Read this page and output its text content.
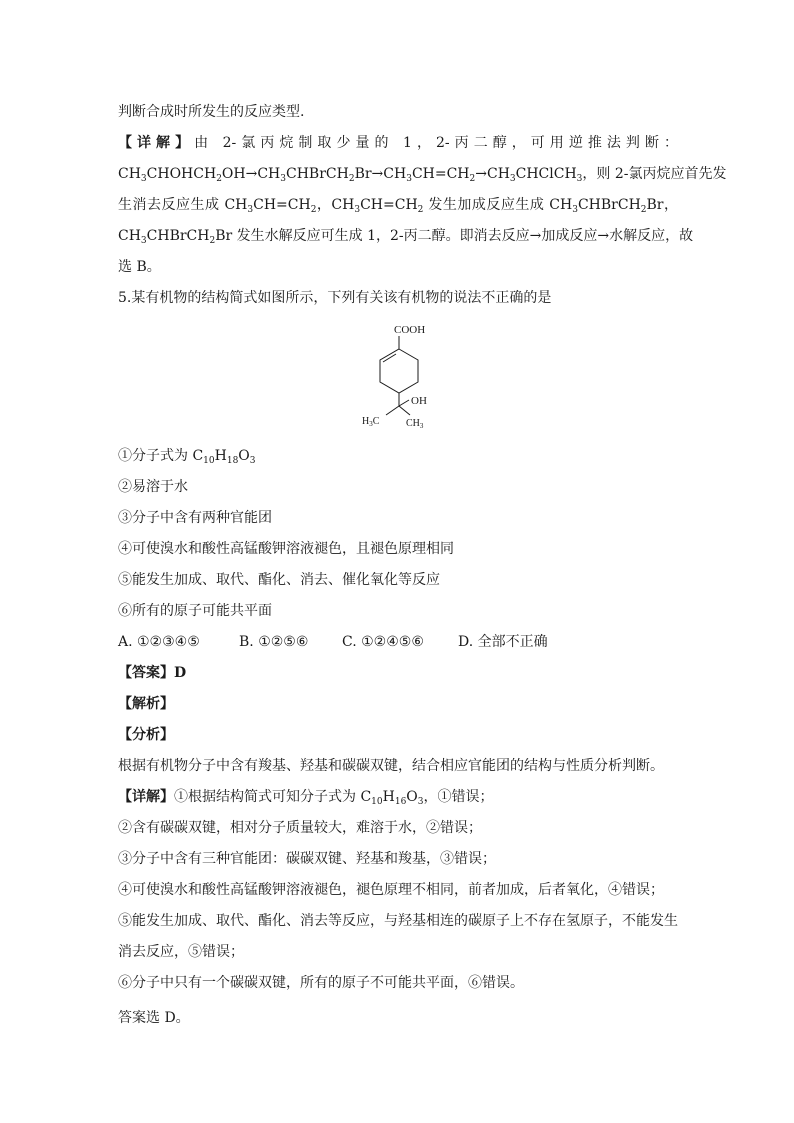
判断合成时所发生的反应类型.
【详解】由 2-氯丙烷制取少量的 1，2-丙二醇，可用逆推法判断：
$CH_3CHOHCH_2OH\to CH_3CHBrCH_2Br\to CH_3CH=CH_2\to CH_3CHClCH_3$，则 2-氯丙烷应首先发
生消去反应生成 $CH_3CH=CH_2$，$CH_3CH=CH_2$ 发生加成反应生成 $CH_3CHBrCH_2Br$，
$CH_3CHBrCH_2Br$ 发生水解反应可生成 1，2-丙二醇。即消去反应→加成反应→水解反应，故
选 B。
5.某有机物的结构简式如图所示，下列有关该有机物的说法不正确的是
COOH
OH
$H_3C$	$CH_3$
①分子式为 $C_{10}H_{18}O_3$
②易溶于水
③分子中含有两种官能团
④可使溴水和酸性高锰酸钾溶液褪色，且褪色原理相同
⑤能发生加成、取代、酯化、消去、催化氧化等反应
⑥所有的原子可能共平面
A. ①②③④⑤	B. ①②⑤⑥ C. ①②④⑤⑥ D. 全部不正确
【答案】D
【解析】
【分析】
根据有机物分子中含有羧基、羟基和碳碳双键，结合相应官能团的结构与性质分析判断。
【详解】①根据结构简式可知分子式为 $C_{10}H_{16}O_3$，①错误；
②含有碳碳双键，相对分子质量较大，难溶于水，②错误；
③分子中含有三种官能团：碳碳双键、羟基和羧基，③错误；
④可使溴水和酸性高锰酸钾溶液褪色，褪色原理不相同，前者加成，后者氧化，④错误；
⑤能发生加成、取代、酯化、消去等反应，与羟基相连的碳原子上不存在氢原子，不能发生
消去反应，⑤错误；
⑥分子中只有一个碳碳双键，所有的原子不可能共平面，⑥错误。
答案选 D。
